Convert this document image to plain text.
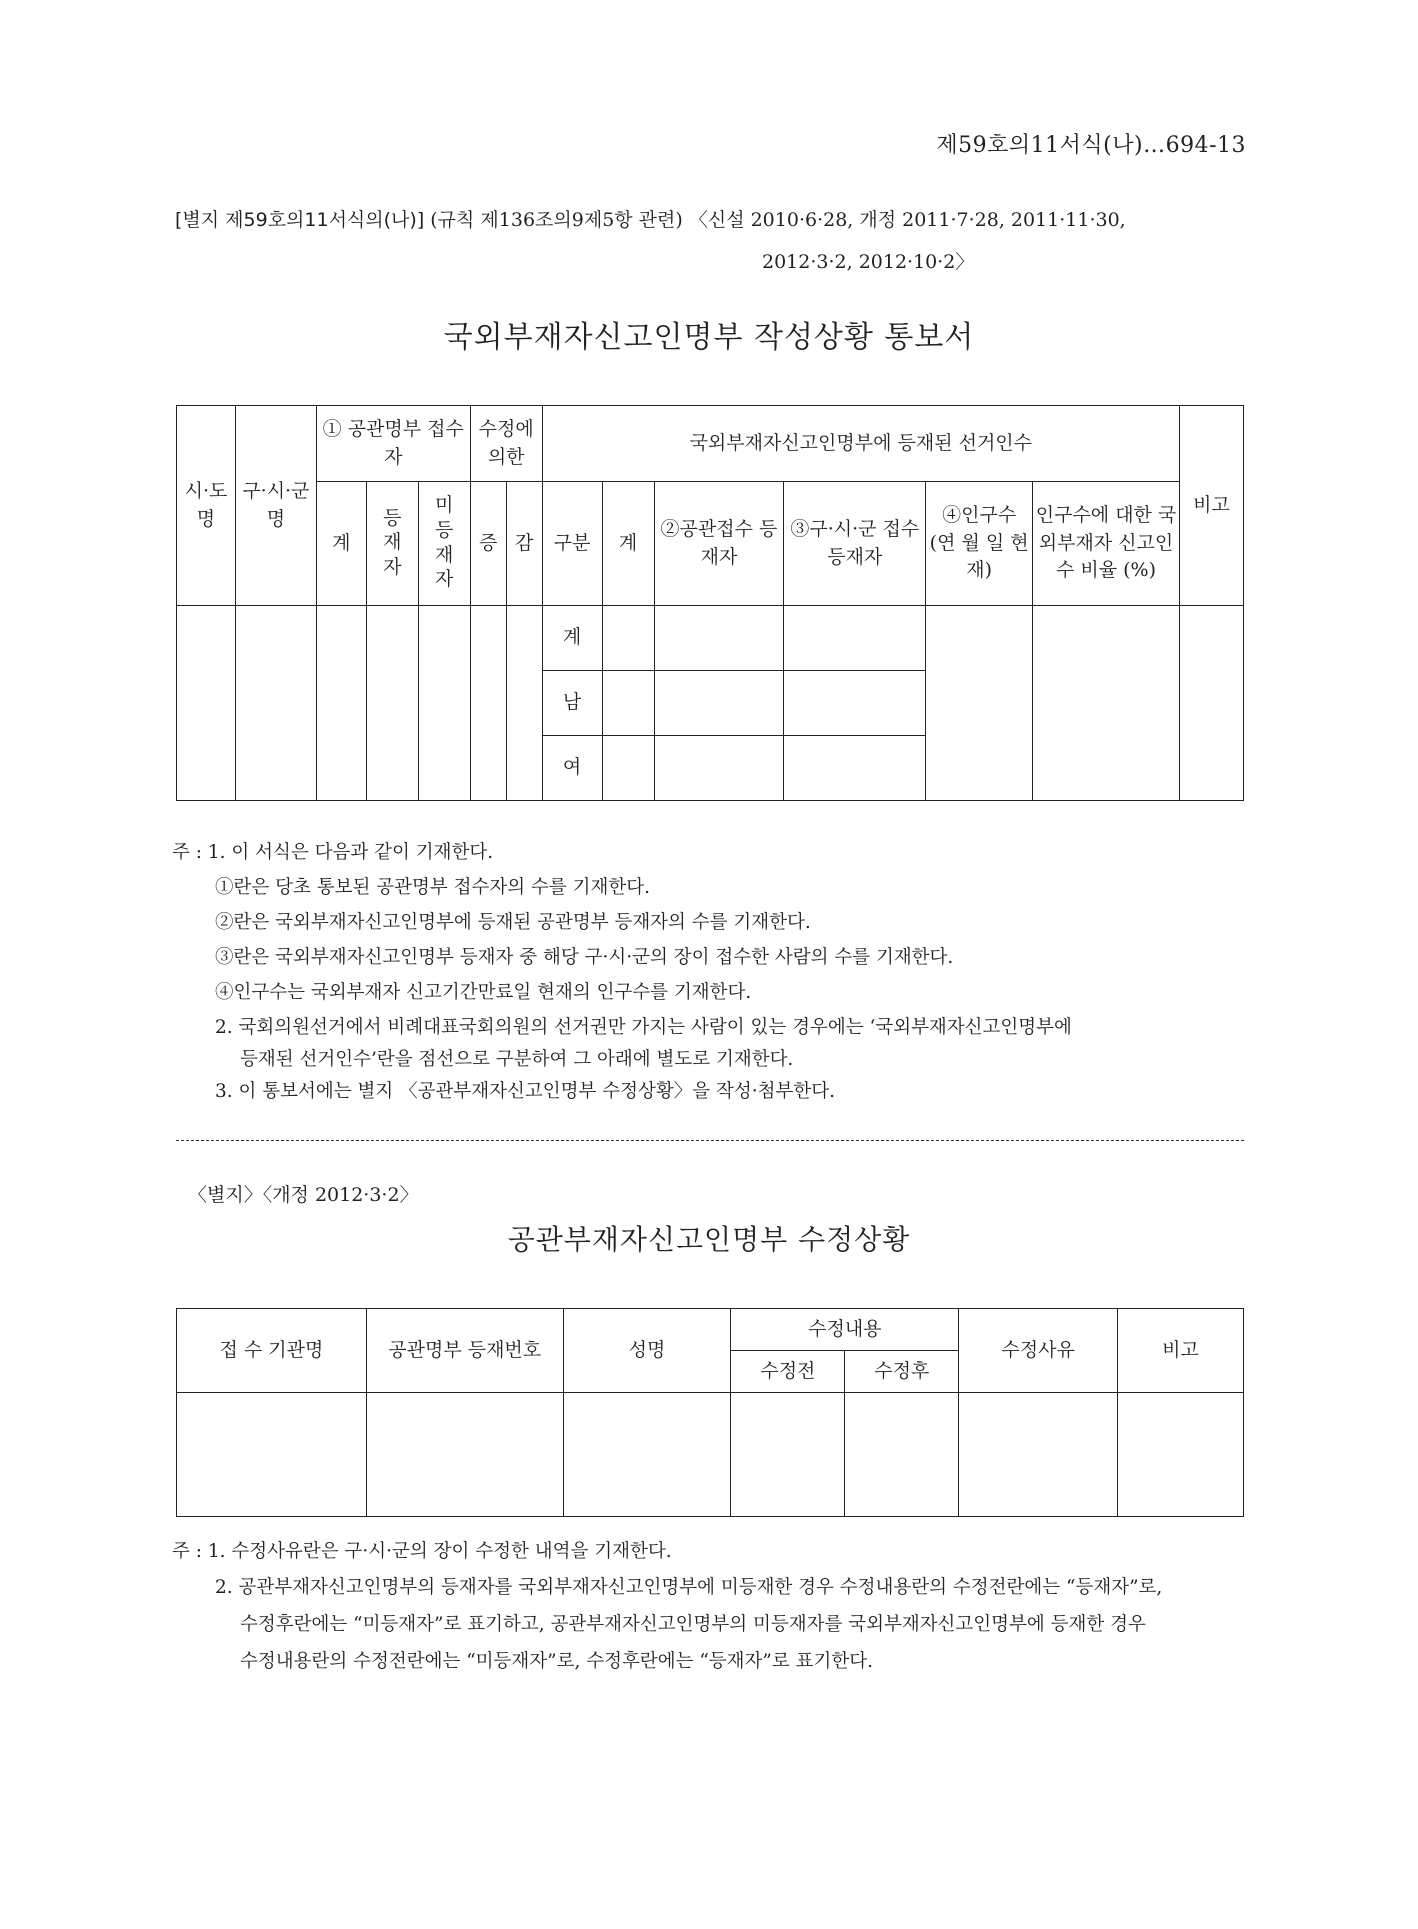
제59호의11서식(나)…694-13
[별지 제59호의11서식의(나)] (규칙 제136조의9제5항 관련) 〈신설 2010·6·28, 개정 2011·7·28, 2011·11·30,
2012·3·2, 2012·10·2〉
국외부재자신고인명부 작성상황 통보서
시·도명	구·시·군명	① 공관명부 접수자			수정에 의한		국외부재자신고인명부에 등재된 선거인수						비고
		계	등재자	미등재자	증	감	구분	계	②공관접수 등재자	③구·시·군 접수등재자	④인구수 (연 월 일 현재)	인구수에 대한 국외부재자 신고인수 비율 (%)	
							계						
							남						
							여						
주 : 1. 이 서식은 다음과 같이 기재한다.
①란은 당초 통보된 공관명부 접수자의 수를 기재한다.
②란은 국외부재자신고인명부에 등재된 공관명부 등재자의 수를 기재한다.
③란은 국외부재자신고인명부 등재자 중 해당 구·시·군의 장이 접수한 사람의 수를 기재한다.
④인구수는 국외부재자 신고기간만료일 현재의 인구수를 기재한다.
2. 국회의원선거에서 비례대표국회의원의 선거권만 가지는 사람이 있는 경우에는 ‘국외부재자신고인명부에
등재된 선거인수’란을 점선으로 구분하여 그 아래에 별도로 기재한다.
3. 이 통보서에는 별지 〈공관부재자신고인명부 수정상황〉을 작성·첨부한다.
〈별지〉〈개정 2012·3·2〉
공관부재자신고인명부 수정상황
접 수 기관명	공관명부 등재번호	성명	수정내용		수정사유	비고
			수정전	수정후		

주 : 1. 수정사유란은 구·시·군의 장이 수정한 내역을 기재한다.
2. 공관부재자신고인명부의 등재자를 국외부재자신고인명부에 미등재한 경우 수정내용란의 수정전란에는 “등재자”로,
수정후란에는 “미등재자”로 표기하고, 공관부재자신고인명부의 미등재자를 국외부재자신고인명부에 등재한 경우
수정내용란의 수정전란에는 “미등재자”로, 수정후란에는 “등재자”로 표기한다.
